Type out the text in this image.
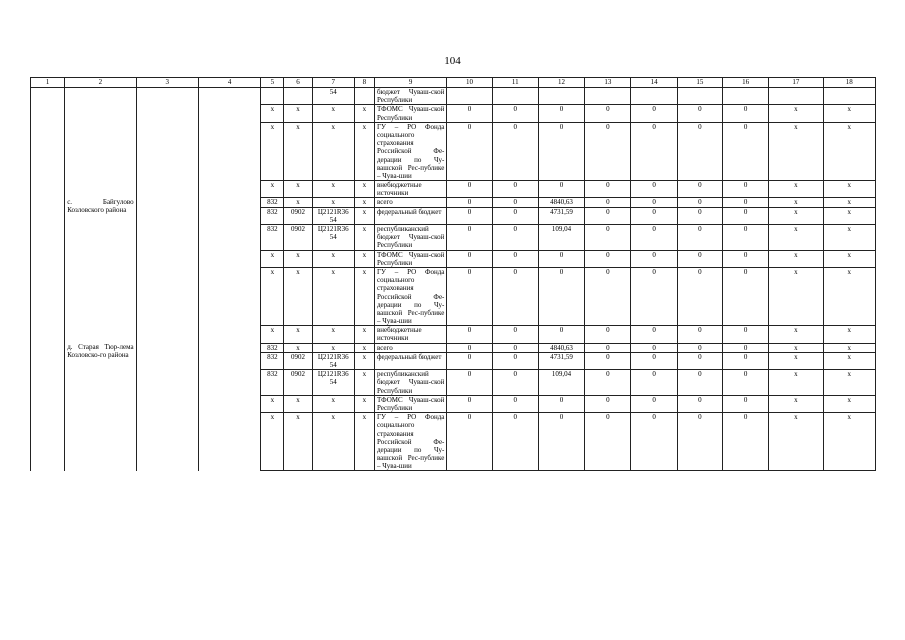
104
1	2	3	4	5	6	7	8	9	10	11	12	13	14	15	16	17	18
						54		бюджет Чуваш-ской Республики									
				x	x	x	x	ТФОМС Чуваш-ской Республики	0	0	0	0	0	0	0	x	x
				x	x	x	x	ГУ – РО Фонда социального страхования Российской Фе-дерации по Чу-вашской Рес-публике – Чува-шии	0	0	0	0	0	0	0	x	x
				x	x	x	x	внебюджетные источники	0	0	0	0	0	0	0	x	x
	с. Байгулово Козловского района			832	x	x	x	всего	0	0	4840,63	0	0	0	0	x	x
				832	0902	Ц2121R36 54	x	федеральный бюджет	0	0	4731,59	0	0	0	0	x	x
				832	0902	Ц2121R36 54	x	республиканский бюджет Чуваш-ской Республики	0	0	109,04	0	0	0	0	x	x
				x	x	x	x	ТФОМС Чуваш-ской Республики	0	0	0	0	0	0	0	x	x
				x	x	x	x	ГУ – РО Фонда социального страхования Российской Фе-дерации по Чу-вашской Рес-публике – Чува-шии	0	0	0	0	0	0	0	x	x
				x	x	x	x	внебюджетные источники	0	0	0	0	0	0	0	x	x
	д. Старая Тюр-лема Козловско-го района			832	x	x	x	всего	0	0	4840,63	0	0	0	0	x	x
				832	0902	Ц2121R36 54	x	федеральный бюджет	0	0	4731,59	0	0	0	0	x	x
				832	0902	Ц2121R36 54	x	республиканский бюджет Чуваш-ской Республики	0	0	109,04	0	0	0	0	x	x
				x	x	x	x	ТФОМС Чуваш-ской Республики	0	0	0	0	0	0	0	x	x
				x	x	x	x	ГУ – РО Фонда социального страхования Российской Фе-дерации по Чу-вашской Рес-публике – Чува-шии	0	0	0	0	0	0	0	x	x
